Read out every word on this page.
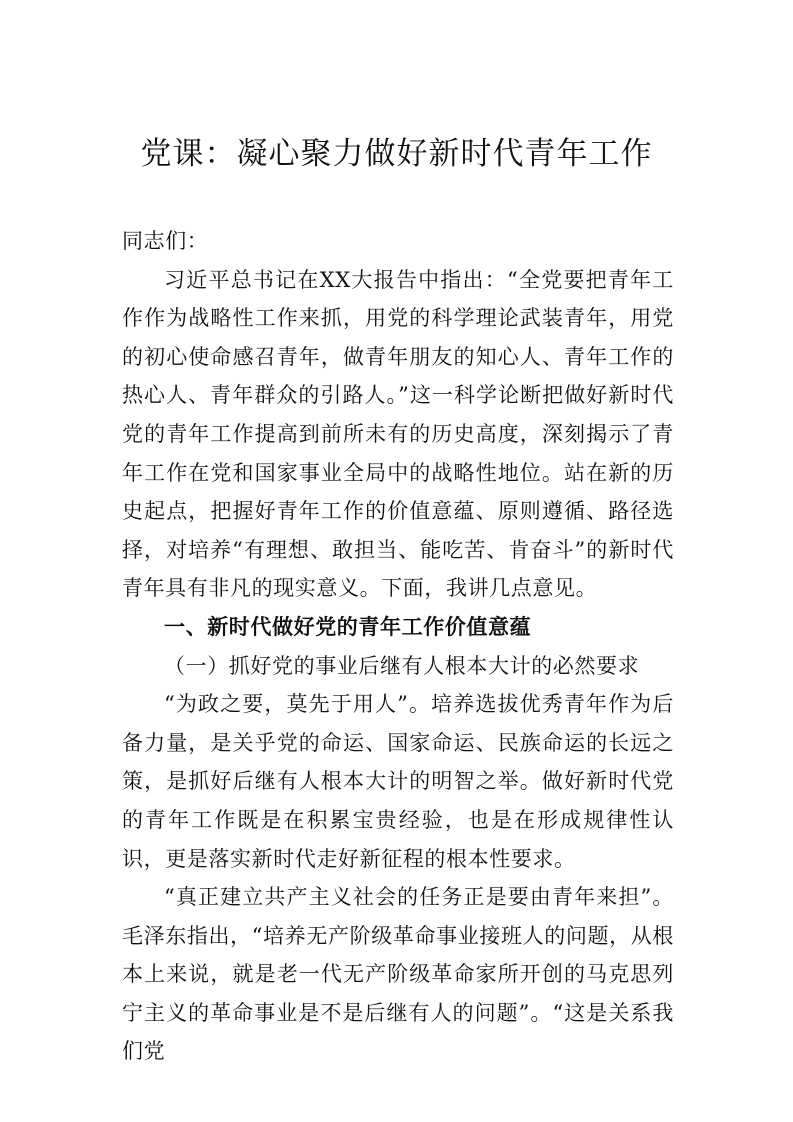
党课：凝心聚力做好新时代青年工作

同志们：

习近平总书记在XX大报告中指出：“全党要把青年工作作为战略性工作来抓，用党的科学理论武装青年，用党的初心使命感召青年，做青年朋友的知心人、青年工作的热心人、青年群众的引路人。”这一科学论断把做好新时代党的青年工作提高到前所未有的历史高度，深刻揭示了青年工作在党和国家事业全局中的战略性地位。站在新的历史起点，把握好青年工作的价值意蕴、原则遵循、路径选择，对培养“有理想、敢担当、能吃苦、肯奋斗”的新时代青年具有非凡的现实意义。下面，我讲几点意见。

一、新时代做好党的青年工作价值意蕴

（一）抓好党的事业后继有人根本大计的必然要求

“为政之要，莫先于用人”。培养选拔优秀青年作为后备力量，是关乎党的命运、国家命运、民族命运的长远之策，是抓好后继有人根本大计的明智之举。做好新时代党的青年工作既是在积累宝贵经验，也是在形成规律性认识，更是落实新时代走好新征程的根本性要求。

“真正建立共产主义社会的任务正是要由青年来担”。毛泽东指出，“培养无产阶级革命事业接班人的问题，从根本上来说，就是老一代无产阶级革命家所开创的马克思列宁主义的革命事业是不是后继有人的问题”。“这是关系我们党
